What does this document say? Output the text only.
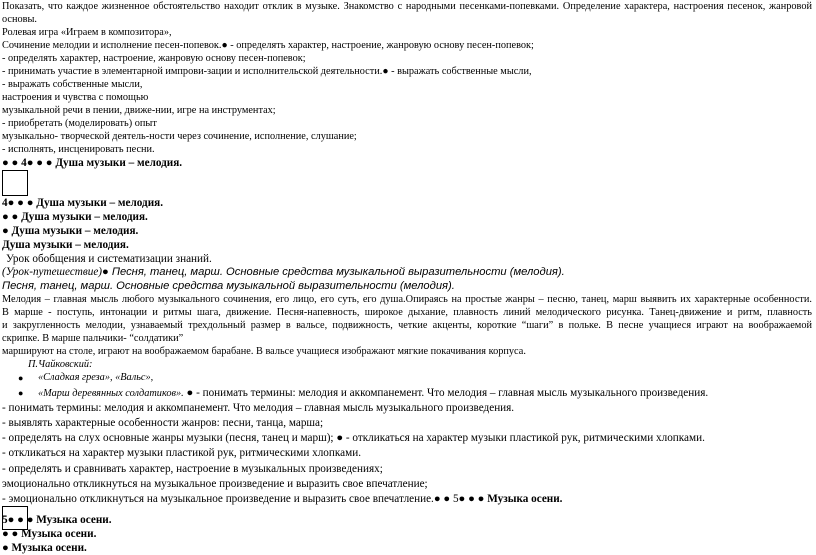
Показать, что каждое жизненное обстоятельство находит отклик в музыке. Знакомство с народными песенками-попевками. Определение характера, настроения песенок, жанровой
основы.
Ролевая игра «Играем в композитора»,
Сочинение мелодии и исполнение песен-попевок.● - определять характер, настроение, жанровую основу песен-попевок;
- определять характер, настроение, жанровую основу песен-попевок;
- принимать участие в элементарной импрови-зации и исполнительской деятельности.● - выражать собственные мысли,
- выражать собственные мысли,
настроения и чувства с помощью
музыкальной речи в пении, движе-нии, игре на инструментах;
- приобретать (моделировать) опыт
музыкально- творческой деятель-ности через сочинение, исполнение, слушание;
- исполнять, инсценировать песни.
● ● 4● ● ● Душа музыки – мелодия.
4● ● ● Душа музыки – мелодия.
● ● Душа музыки – мелодия.
● Душа музыки – мелодия.
Душа музыки – мелодия.
Урок обобщения и систематизации знаний.
(Урок-путешествие)● Песня, танец, марш. Основные средства музыкальной выразительности (мелодия).
Песня, танец, марш. Основные средства музыкальной выразительности (мелодия).
Мелодия – главная мысль любого музыкального сочинения, его лицо, его суть, его душа.Опираясь на простые жанры – песню, танец, марш выявить их характерные особенности.
В марше - поступь, интонации и ритмы шага, движение. Песня-напевность, широкое дыхание, плавность линий мелодического рисунка. Танец-движение и ритм, плавность
и закругленность мелодии, узнаваемый трехдольный размер в вальсе, подвижность, четкие акценты, короткие “шаги” в польке. В песне учащиеся играют на воображаемой
скрипке. В марше пальчики- “солдатики”
маршируют на столе, играют на воображаемом барабане. В вальсе учащиеся изображают мягкие покачивания корпуса.
П.Чайковский:
● «Сладкая греза», «Вальс»,
● «Марш деревянных солдатиков». ● - понимать термины: мелодия и аккомпанемент. Что мелодия – главная мысль музыкального произведения.
- понимать термины: мелодия и аккомпанемент. Что мелодия – главная мысль музыкального произведения.
- выявлять характерные особенности жанров: песни, танца, марша;
- определять на слух основные жанры музыки (песня, танец и марш); ● - откликаться на характер музыки пластикой рук, ритмическими хлопками.
- откликаться на характер музыки пластикой рук, ритмическими хлопками.
- определять и сравнивать характер, настроение в музыкальных произведениях;
эмоционально откликнуться на музыкальное произведение и выразить свое впечатление;
- эмоционально откликнуться на музыкальное произведение и выразить свое впечатление.● ● 5● ● ● Музыка осени.
5● ● ● Музыка осени.
● ● Музыка осени.
● Музыка осени.
